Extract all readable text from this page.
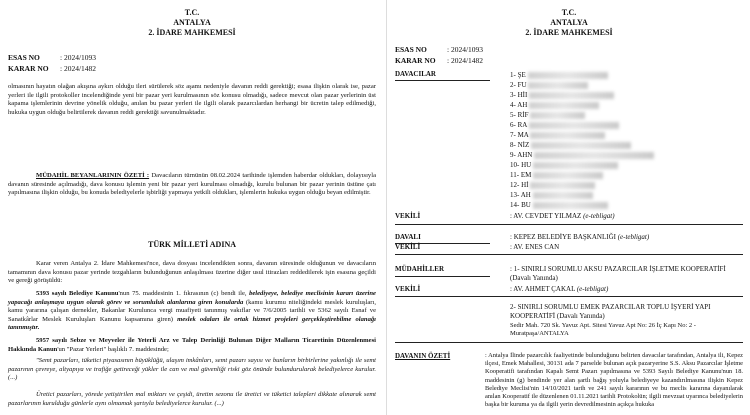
T.C.
ANTALYA
2. İDARE MAHKEMESİ
ESAS NO	: 2024/1093
KARAR NO : 2024/1482
olmasının hayatın olağan akışına aykırı olduğu ileri sürülerek söz aşamı nedeniyle davanın reddi gerektiği; esasa ilişkin olarak ise, pazar yerleri ile ilgili protokoller incelendiğinde yeni bir pazar yeri kurulmasının söz konusu olmadığı, sadece mevcut olan pazar yerlerinin üst kapama işlemlerinin devrine yönelik olduğu, anılan bu pazar yerleri ile ilgili olarak pazarcılardan herhangi bir ücretin talep edilmediği, hukuka uygun olduğu belirtilerek davanın reddi gerektiği savunulmaktadır.
MÜDAHİL BEYANLARININ ÖZETİ : Davacıların türnünün 08.02.2024 tarihinde işlemden haberdar oldukları, dolayısıyla davanın süresinde açılmadığı, dava konusu işlemin yeni bir pazar yeri kurulması olmadığı, kurulu bulunan bir pazar yerinin üstüne çatı yapılmasına ilişkin olduğu, bu konuda belediyelerle işbirliği yapmaya yetkili oldukları, işlemlerin hukuka uygun olduğu beyan edilmiştir.
TÜRK MİLLETİ ADINA
Karar veren Antalya 2. İdare Mahkemesi'nce, dava dosyası incelendikten sonra, davanın süresinde olduğunun ve davacıların tamamının dava konusu pazar yerinde tezgahların bulunduğunun anlaşılması üzerine diğer usul itirazları reddedilerek işin esasına geçildi ve gereği görüşüldü:
5393 sayılı Belediye Kanunu'nun 75. maddesinin 1. fıkrasının (c) bendi ile, belediyeye, belediye meclisinin kararı üzerine yapacağı anlaşmaya uygun olarak görev ve sorumluluk alanlarına giren konularda (kamu kurumu niteliğindeki meslek kuruluşları, kamu yararına çalışan dernekler, Bakanlar Kurulunca vergi muafiyeti tanınmış vakıflar ve 7/6/2005 tarihli ve 5362 sayılı Esnaf ve Sanatkârlar Meslek Kuruluşları Kanunu kapsamına giren) meslek odaları ile ortak hizmet projeleri gerçekleştirebilme olanağı tanınmıştır.
5957 sayılı Sebze ve Meyveler ile Yeterli Arz ve Talep Derinliği Bulunan Diğer Malların Ticaretinin Düzenlenmesi Hakkında Kanun'un "Pazar Yerleri" başlıklı 7. maddesinde;
"Semt pazarları, tüketici piyasasının büyüklüğü, ulaşım imkânları, semt pazarı sayısı ve bunların birbirlerine yakınlığı ile semt pazarının çevreye, altyapıya ve trafiğe getireceği yükler ile can ve mal güvenliği riski göz önünde bulundurularak belediyelerce kurulur. (...)
Üretici pazarları, yörede yetiştirilen mal miktarı ve çeşidi, üretim sezonu ile üretici ve tüketici talepleri dikkate alınarak semt pazarlarının kurulduğu günlerle aynı olmamak şartıyla belediyelerce kurulur. (...)
T.C.
ANTALYA
2. İDARE MAHKEMESİ
ESAS NO	: 2024/1093
KARAR NO : 2024/1482
DAVACILAR	1- ŞE
2- FU
3- HİI
4- AH
5- RİF
6- RA
7- MA
8- NİZ
9- AHN
10- HU
11- EM
12- Hİ
13- AH
14- BU
VEKİLİ	: AV. CEVDET YILMAZ (e-tebligat)
DAVALI	: KEPEZ BELEDİYE BAŞKANLIĞI (e-tebligat)
VEKİLİ	: AV. ENES CAN
MÜDAHİLLER	: 1- SINIRLI SORUMLU AKSU PAZARCILAR İŞLETME KOOPERATİFİ (Davalı Yanında)
VEKİLİ	: AV. AHMET ÇAKAL (e-tebligat)
2- SINIRLI SORUMLU EMEK PAZARCILAR TOPLU İŞYERİ YAPI KOOPERATİFİ (Davalı Yanında)
Sedir Mah. 720 Sk. Yavuz Apt. Sitesi Yavuz Apt No: 26 İç Kapı No: 2 - Muratpaşa/ANTALYA
DAVANIN ÖZETİ	: Antalya İlinde pazarcılık faaliyetinde bulunduğunu belirten davacılar tarafından, Antalya ili, Kepez ilçesi, Emek Mahallesi, 30131 ada 7 parselde bulunan açık pazaryerine S.S. Aksu Pazarcılar İşletme Kooperatifi tarafından Kapalı Semt Pazarı yapılmasına ve 5393 Sayılı Belediye Kanunu'nun 18. maddesinin (g) bendinde yer alan şartlı bağış yoluyla belediyeye kazandırılmasına ilişkin Kepez Belediye Meclisi'nin 14/10/2021 tarih ve 241 sayılı kararının ve bu meclis kararına dayanılarak anılan Kooperatif ile düzenlenen 01.11.2021 tarihli Protokolün; ilgili mevzuat uyarınca belediyelerin başka bir kuruma ya da ilgili yerin devredilmesinin açıkça hukuka
